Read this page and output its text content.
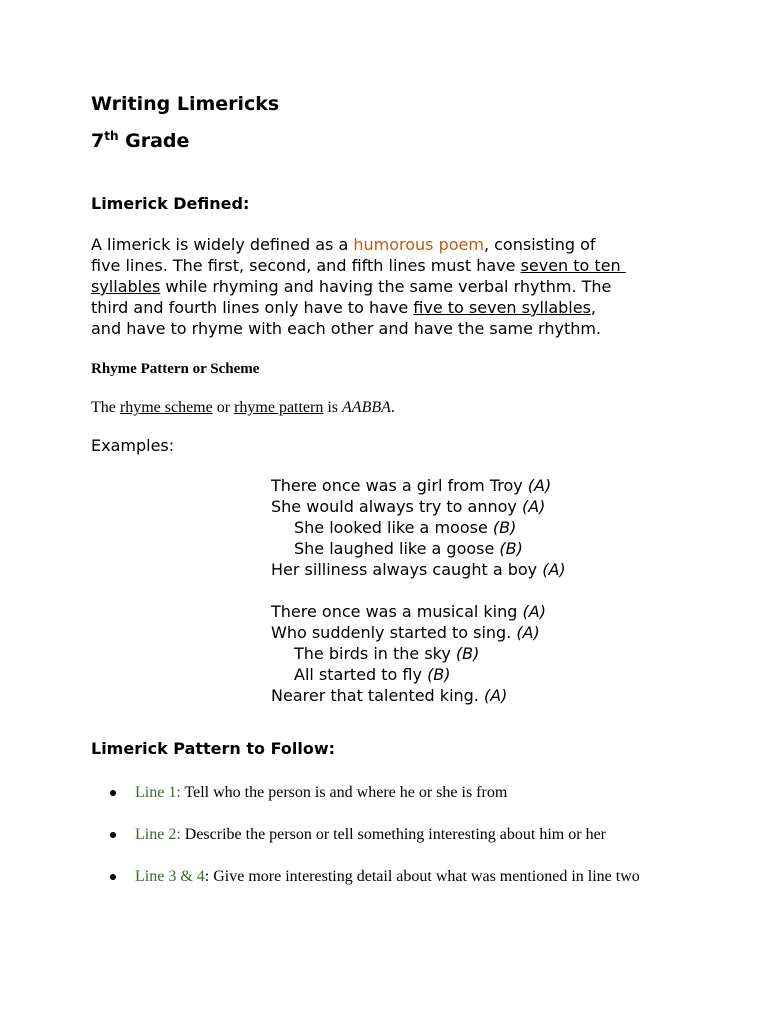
Writing Limericks
7th Grade
Limerick Defined:
A limerick is widely defined as a humorous poem, consisting of
five lines. The first, second, and fifth lines must have seven to ten
syllables while rhyming and having the same verbal rhythm. The
third and fourth lines only have to have five to seven syllables,
and have to rhyme with each other and have the same rhythm.
Rhyme Pattern or Scheme
The rhyme scheme or rhyme pattern is AABBA.
Examples:
There once was a girl from Troy (A)
She would always try to annoy (A)
She looked like a moose (B)
She laughed like a goose (B)
Her silliness always caught a boy (A)
There once was a musical king (A)
Who suddenly started to sing. (A)
The birds in the sky (B)
All started to fly (B)
Nearer that talented king. (A)
Limerick Pattern to Follow:
Line 1: Tell who the person is and where he or she is from
Line 2: Describe the person or tell something interesting about him or her
Line 3 & 4: Give more interesting detail about what was mentioned in line two
